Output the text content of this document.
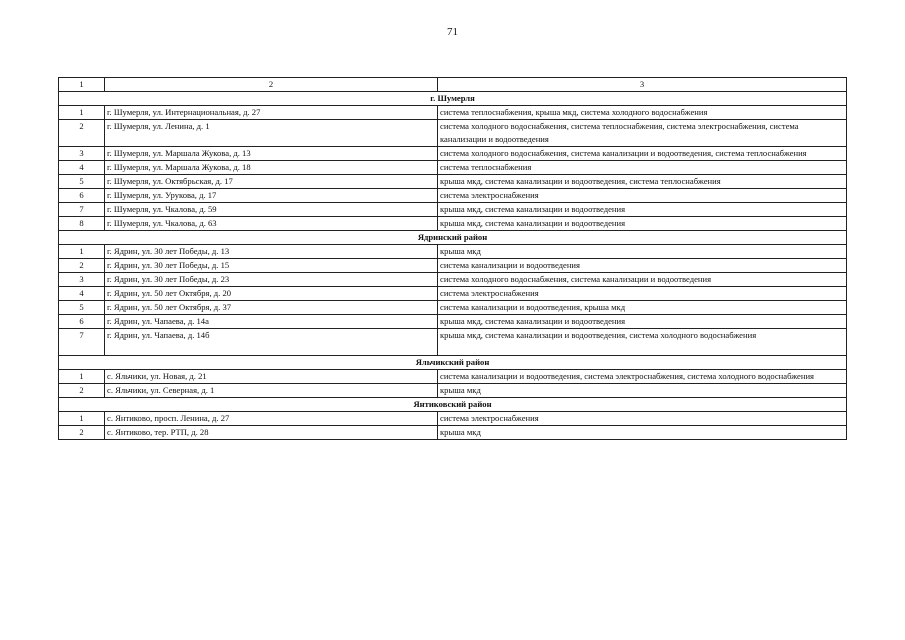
71
1	2	3
г. Шумерля		
1	г. Шумерля, ул. Интернациональная, д. 27	система теплоснабжения, крыша мкд, система холодного водоснабжения
2	г. Шумерля, ул. Ленина, д. 1	система холодного водоснабжения, система теплоснабжения, система электроснабжения, система канализации и водоотведения
3	г. Шумерля, ул. Маршала Жукова, д. 13	система холодного водоснабжения, система канализации и водоотведения, система теплоснабжения
4	г. Шумерля, ул. Маршала Жукова, д. 18	система теплоснабжения
5	г. Шумерля, ул. Октябрьская, д. 17	крыша мкд, система канализации и водоотведения, система теплоснабжения
6	г. Шумерля, ул. Урукова, д. 17	система электроснабжения
7	г. Шумерля, ул. Чкалова, д. 59	крыша мкд, система канализации и водоотведения
8	г. Шумерля, ул. Чкалова, д. 63	крыша мкд, система канализации и водоотведения
Ядринский район		
1	г. Ядрин, ул. 30 лет Победы, д. 13	крыша мкд
2	г. Ядрин, ул. 30 лет Победы, д. 15	система канализации и водоотведения
3	г. Ядрин, ул. 30 лет Победы, д. 23	система холодного водоснабжения, система канализации и водоотведения
4	г. Ядрин, ул. 50 лет Октября, д. 20	система электроснабжения
5	г. Ядрин, ул. 50 лет Октября, д. 37	система канализации и водоотведения, крыша мкд
6	г. Ядрин, ул. Чапаева, д. 14а	крыша мкд, система канализации и водоотведения
7	г. Ядрин, ул. Чапаева, д. 14б	крыша мкд, система канализации и водоотведения, система холодного водоснабжения
Яльчикский район		
1	с. Яльчики, ул. Новая, д. 21	система канализации и водоотведения, система электроснабжения, система холодного водоснабжения
2	с. Яльчики, ул. Северная, д. 1	крыша мкд
Янтиковский район		
1	с. Янтиково, просп. Ленина, д. 27	система электроснабжения
2	с. Янтиково, тер. РТП, д. 28	крыша мкд
